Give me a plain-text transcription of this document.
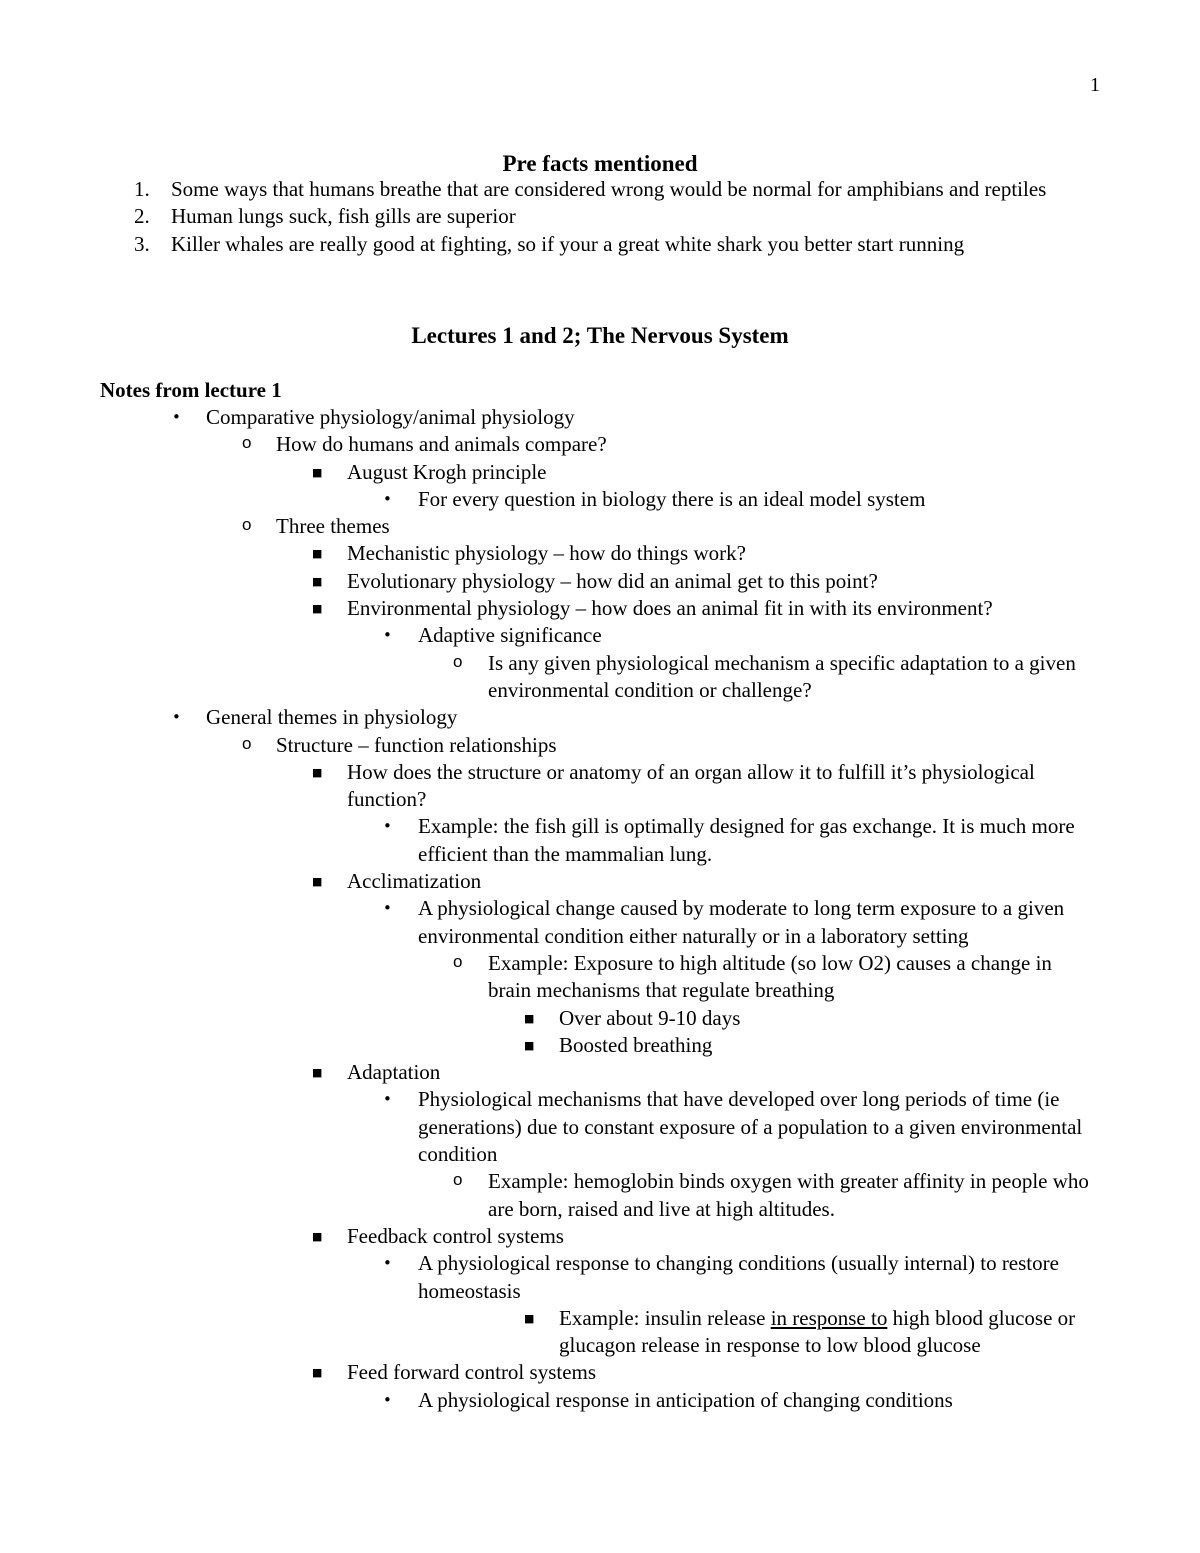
1
Pre facts mentioned
1. Some ways that humans breathe that are considered wrong would be normal for amphibians and reptiles
2. Human lungs suck, fish gills are superior
3. Killer whales are really good at fighting, so if your a great white shark you better start running
Lectures 1 and 2; The Nervous System
Notes from lecture 1
• Comparative physiology/animal physiology
o How do humans and animals compare?
■ August Krogh principle
• For every question in biology there is an ideal model system
o Three themes
■ Mechanistic physiology – how do things work?
■ Evolutionary physiology – how did an animal get to this point?
■ Environmental physiology – how does an animal fit in with its environment?
• Adaptive significance
o Is any given physiological mechanism a specific adaptation to a given environmental condition or challenge?
• General themes in physiology
o Structure – function relationships
■ How does the structure or anatomy of an organ allow it to fulfill it’s physiological function?
• Example: the fish gill is optimally designed for gas exchange. It is much more efficient than the mammalian lung.
■ Acclimatization
• A physiological change caused by moderate to long term exposure to a given environmental condition either naturally or in a laboratory setting
o Example: Exposure to high altitude (so low O2) causes a change in brain mechanisms that regulate breathing
■ Over about 9-10 days
■ Boosted breathing
■ Adaptation
• Physiological mechanisms that have developed over long periods of time (ie generations) due to constant exposure of a population to a given environmental condition
o Example: hemoglobin binds oxygen with greater affinity in people who are born, raised and live at high altitudes.
■ Feedback control systems
• A physiological response to changing conditions (usually internal) to restore homeostasis
■ Example: insulin release in response to high blood glucose or glucagon release in response to low blood glucose
■ Feed forward control systems
• A physiological response in anticipation of changing conditions
